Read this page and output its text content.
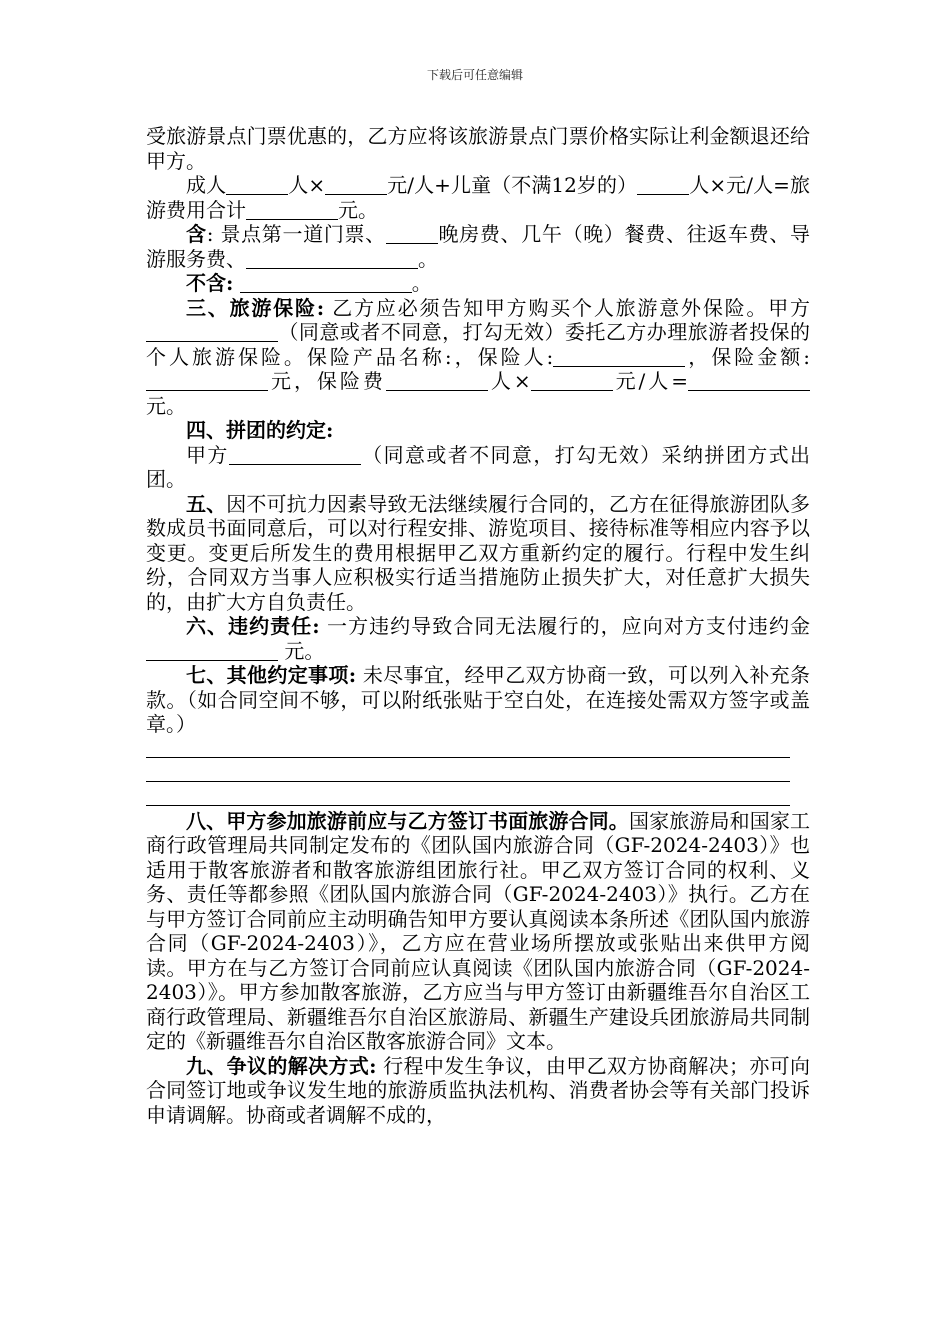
下载后可任意编辑

受旅游景点门票优惠的，乙方应将该旅游景点门票价格实际让利金额退还给甲方。

成人	人×	元/人+儿童（不满12岁的）	人×元/人=旅游费用合计	元。

含: 景点第一道门票、	晚房费、几午（晚）餐费、往返车费、导游服务费、	。

不含:	。

三、旅游保险: 乙方应必须告知甲方购买个人旅游意外保险。甲方（同意或者不同意，打勾无效）委托乙方办理旅游者投保的个人旅游保险。保险产品名称:，保险人:	，保险金额:元，保险费	人×	元/人=元。

四、拼团的约定:

甲方	（同意或者不同意，打勾无效）采纳拼团方式出团。

五、因不可抗力因素导致无法继续履行合同的，乙方在征得旅游团队多数成员书面同意后，可以对行程安排、游览项目、接待标准等相应内容予以变更。变更后所发生的费用根据甲乙双方重新约定的履行。行程中发生纠纷，合同双方当事人应积极实行适当措施防止损失扩大，对任意扩大损失的，由扩大方自负责任。

六、违约责任: 一方违约导致合同无法履行的，应向对方支付违约金 元。

七、其他约定事项: 未尽事宜，经甲乙双方协商一致，可以列入补充条款。（如合同空间不够，可以附纸张贴于空白处，在连接处需双方签字或盖章。）

八、甲方参加旅游前应与乙方签订书面旅游合同。国家旅游局和国家工商行政管理局共同制定发布的《团队国内旅游合同（GF-2024-2403）》也适用于散客旅游者和散客旅游组团旅行社。甲乙双方签订合同的权利、义务、责任等都参照《团队国内旅游合同（GF-2024-2403）》执行。乙方在与甲方签订合同前应主动明确告知甲方要认真阅读本条所述《团队国内旅游合同（GF-2024-2403）》，乙方应在营业场所摆放或张贴出来供甲方阅读。甲方在与乙方签订合同前应认真阅读《团队国内旅游合同（GF-2024-2403）》。甲方参加散客旅游，乙方应当与甲方签订由新疆维吾尔自治区工商行政管理局、新疆维吾尔自治区旅游局、新疆生产建设兵团旅游局共同制定的《新疆维吾尔自治区散客旅游合同》文本。

九、争议的解决方式: 行程中发生争议，由甲乙双方协商解决；亦可向合同签订地或争议发生地的旅游质监执法机构、消费者协会等有关部门投诉申请调解。协商或者调解不成的，
